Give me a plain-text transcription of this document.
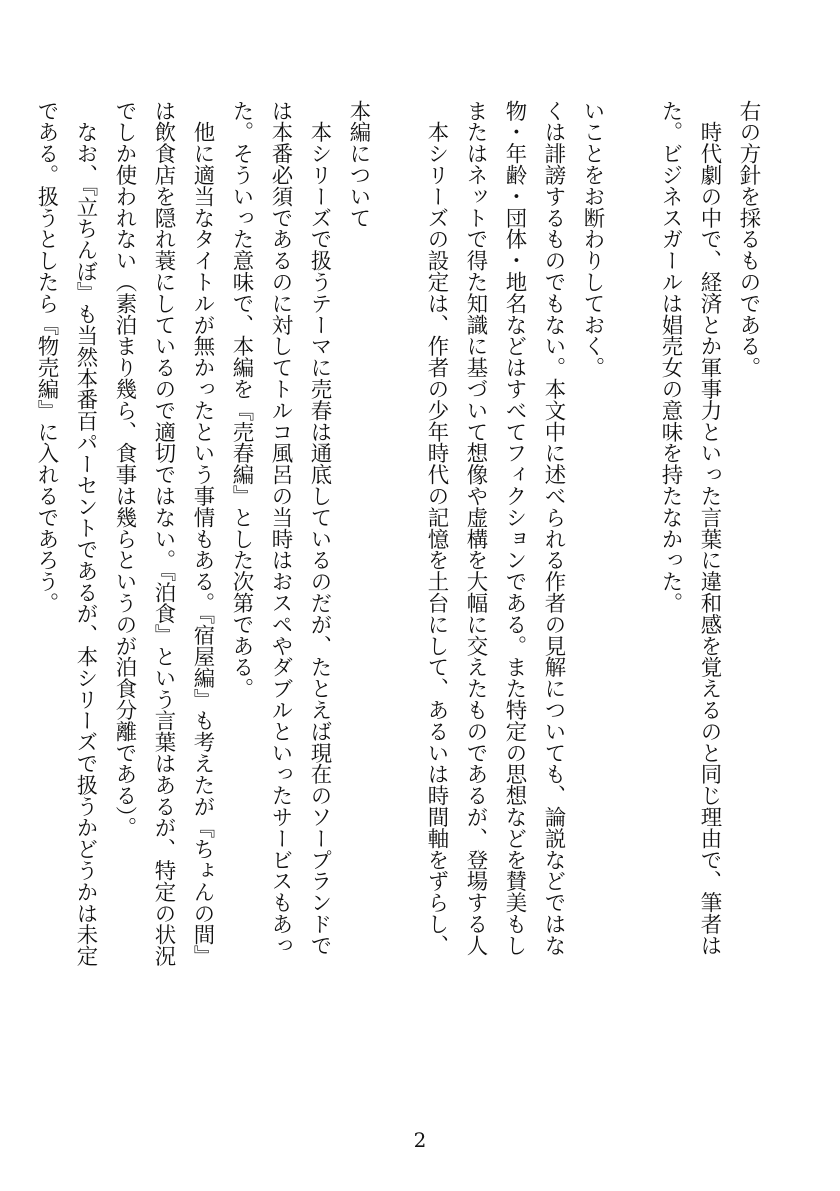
右の方針を採るものである。
　時代劇の中で、経済とか軍事力といった言葉に違和感を覚えるのと同じ理由で、筆者は
た。ビジネスガールは娼売女の意味を持たなかった。
いことをお断わりしておく。
くは誹謗するものでもない。本文中に述べられる作者の見解についても、論説などではな
物・年齢・団体・地名などはすべてフィクションである。また特定の思想などを賛美もし
またはネットで得た知識に基づいて想像や虚構を大幅に交えたものであるが、登場する人
　本シリーズの設定は、作者の少年時代の記憶を土台にして、あるいは時間軸をずらし、
本編について
　本シリーズで扱うテーマに売春は通底しているのだが、たとえば現在のソープランドで
は本番必須であるのに対してトルコ風呂の当時はおスペやダブルといったサービスもあっ
た。そういった意味で、本編を『売春編』とした次第である。
　他に適当なタイトルが無かったという事情もある。『宿屋編』も考えたが『ちょんの間』
は飲食店を隠れ蓑にしているので適切ではない。『泊食』という言葉はあるが、特定の状況
でしか使われない（素泊まり幾ら、食事は幾らというのが泊食分離である）。
　なお、『立ちんぼ』も当然本番百パーセントであるが、本シリーズで扱うかどうかは未定
である。扱うとしたら『物売編』に入れるであろう。
2
